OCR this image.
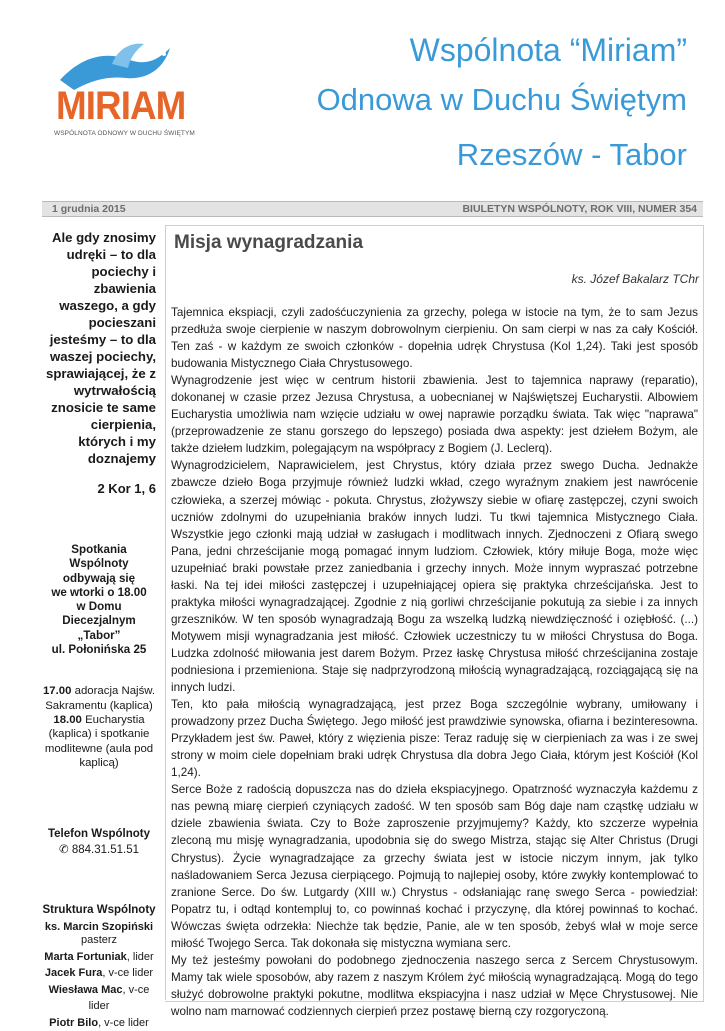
MIRIAM
WSPÓLNOTA ODNOWY W DUCHU ŚWIĘTYM
Wspólnota “Miriam”
Odnowa w Duchu Świętym
Rzeszów - Tabor
1 grudnia 2015	BIULETYN WSPÓLNOTY, ROK VIII, NUMER 354
Ale gdy znosimy udręki – to dla pociechy i zbawienia waszego, a gdy pocieszani jesteśmy – to dla waszej pociechy, sprawiającej, że z wytrwałością znosicie te same cierpienia, których i my doznajemy
2 Kor 1, 6
Spotkania Wspólnoty
odbywają się
we wtorki o 18.00
w Domu Diecezjalnym
„Tabor”
ul. Połonińska 25
17.00 adoracja Najśw. Sakramentu (kaplica)
18.00 Eucharystia (kaplica) i spotkanie modlitewne (aula pod kaplicą)
Telefon Wspólnoty
✆ 884.31.51.51
Struktura Wspólnoty
ks. Marcin Szopiński
pasterz
Marta Fortuniak, lider
Jacek Fura, v-ce lider
Wiesława Mac, v-ce lider
Piotr Bilo, v-ce lider
Misja wynagradzania
ks. Józef Bakalarz TChr

Tajemnica ekspiacji, czyli zadośćuczynienia za grzechy, polega w istocie na tym, że to sam Jezus przedłuża swoje cierpienie w naszym dobrowolnym cierpieniu. On sam cierpi w nas za cały Kościół. Ten zaś - w każdym ze swoich członków - dopełnia udręk Chrystusa (Kol 1,24). Taki jest sposób budowania Mistycznego Ciała Chrystusowego.

Wynagrodzenie jest więc w centrum historii zbawienia. Jest to tajemnica naprawy (reparatio), dokonanej w czasie przez Jezusa Chrystusa, a uobecnianej w Najświętszej Eucharystii. Albowiem Eucharystia umożliwia nam wzięcie udziału w owej naprawie porządku świata. Tak więc "naprawa" (przeprowadzenie ze stanu gorszego do lepszego) posiada dwa aspekty: jest dziełem Bożym, ale także dziełem ludzkim, polegającym na współpracy z Bogiem (J. Leclerq).

Wynagrodzicielem, Naprawicielem, jest Chrystus, który działa przez swego Ducha. Jednakże zbawcze dzieło Boga przyjmuje również ludzki wkład, czego wyraźnym znakiem jest nawrócenie człowieka, a szerzej mówiąc - pokuta. Chrystus, złożywszy siebie w ofiarę zastępczej, czyni swoich uczniów zdolnymi do uzupełniania braków innych ludzi. Tu tkwi tajemnica Mistycznego Ciała. Wszystkie jego członki mają udział w zasługach i modlitwach innych. Zjednoczeni z Ofiarą swego Pana, jedni chrześcijanie mogą pomagać innym ludziom. Człowiek, który miłuje Boga, może więc uzupełniać braki powstałe przez zaniedbania i grzechy innych. Może innym wypraszać potrzebne łaski. Na tej idei miłości zastępczej i uzupełniającej opiera się praktyka chrześcijańska. Jest to praktyka miłości wynagradzającej. Zgodnie z nią gorliwi chrześcijanie pokutują za siebie i za innych grzeszników. W ten sposób wynagradzają Bogu za wszelką ludzką niewdzięczność i oziębłość. (...) Motywem misji wynagradzania jest miłość. Człowiek uczestniczy tu w miłości Chrystusa do Boga. Ludzka zdolność miłowania jest darem Bożym. Przez łaskę Chrystusa miłość chrześcijanina zostaje podniesiona i przemieniona. Staje się nadprzyrodzoną miłością wynagradzającą, rozciągającą się na innych ludzi.

Ten, kto pała miłością wynagradzającą, jest przez Boga szczególnie wybrany, umiłowany i prowadzony przez Ducha Świętego. Jego miłość jest prawdziwie synowska, ofiarna i bezinteresowna. Przykładem jest św. Paweł, który z więzienia pisze: Teraz raduję się w cierpieniach za was i ze swej strony w moim ciele dopełniam braki udręk Chrystusa dla dobra Jego Ciała, którym jest Kościół (Kol 1,24).

Serce Boże z radością dopuszcza nas do dzieła ekspiacyjnego. Opatrzność wyznaczyła każdemu z nas pewną miarę cierpień czyniących zadość. W ten sposób sam Bóg daje nam cząstkę udziału w dziele zbawienia świata. Czy to Boże zaproszenie przyjmujemy? Każdy, kto szczerze wypełnia zleconą mu misję wynagradzania, upodobnia się do swego Mistrza, stając się Alter Christus (Drugi Chrystus). Życie wynagradzające za grzechy świata jest w istocie niczym innym, jak tylko naśladowaniem Serca Jezusa cierpiącego. Pojmują to najlepiej osoby, które zwykły kontemplować to zranione Serce. Do św. Lutgardy (XIII w.) Chrystus - odsłaniając ranę swego Serca - powiedział: Popatrz tu, i odtąd kontempluj to, co powinnaś kochać i przyczynę, dla której powinnaś to kochać. Wówczas święta odrzekła: Niechże tak będzie, Panie, ale w ten sposób, żebyś wlał w moje serce miłość Twojego Serca. Tak dokonała się mistyczna wymiana serc.

My też jesteśmy powołani do podobnego zjednoczenia naszego serca z Sercem Chrystusowym. Mamy tak wiele sposobów, aby razem z naszym Królem żyć miłością wynagradzającą. Mogą do tego służyć dobrowolne praktyki pokutne, modlitwa ekspiacyjna i nasz udział w Męce Chrystusowej. Nie wolno nam marnować codziennych cierpień przez postawę bierną czy rozgoryczoną.
